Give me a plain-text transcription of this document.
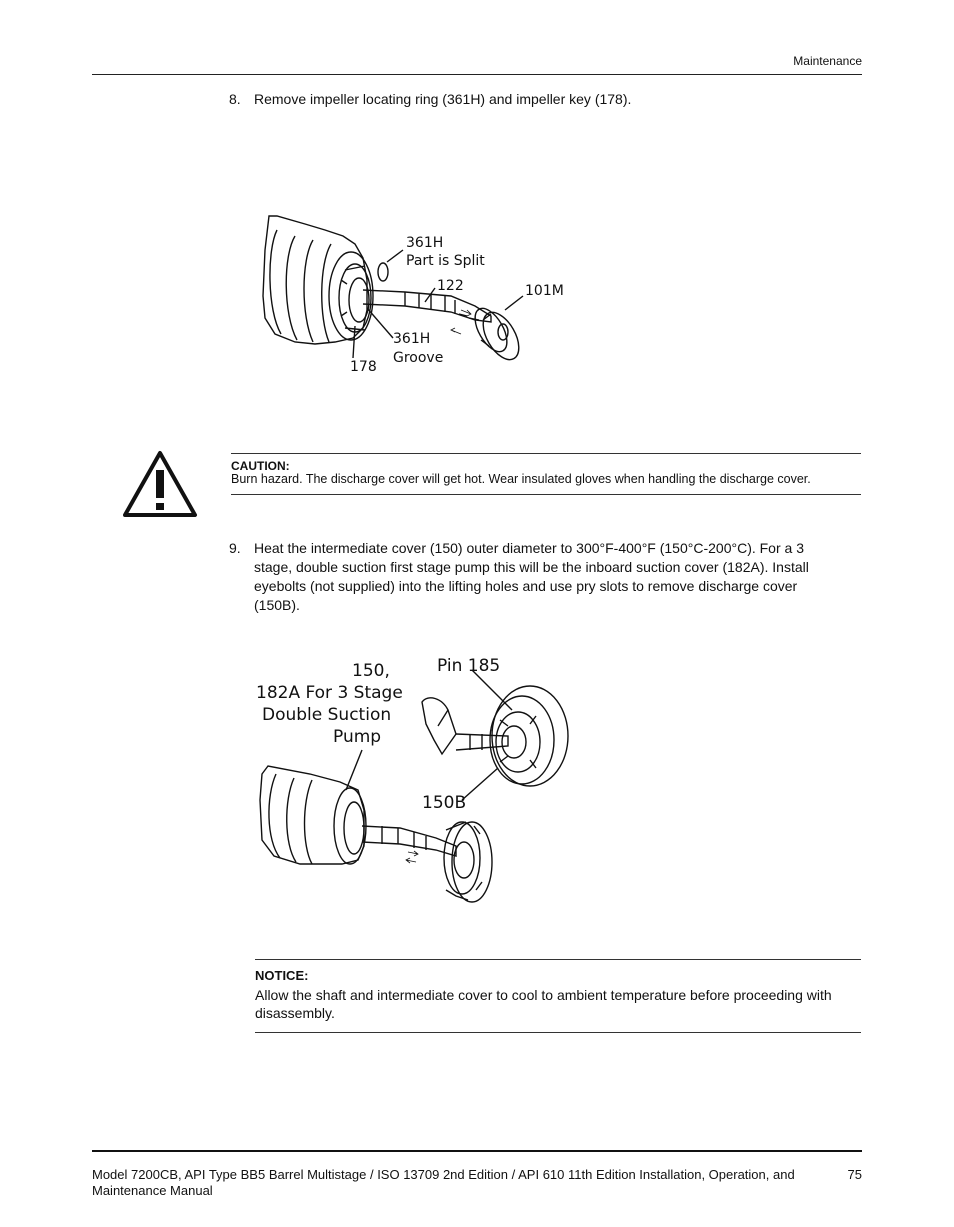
Maintenance
8. Remove impeller locating ring (361H) and impeller key (178).
361H
Part is Split
122	101M
361H
Groove
178
CAUTION:
Burn hazard. The discharge cover will get hot. Wear insulated gloves when handling the discharge cover.
9. Heat the intermediate cover (150) outer diameter to 300°F-400°F (150°C-200°C). For a 3
stage, double suction first stage pump this will be the inboard suction cover (182A). Install
eyebolts (not supplied) into the lifting holes and use pry slots to remove discharge cover
(150B).
150,
182A For 3 Stage
Double Suction
Pump
Pin 185
150B
NOTICE:
Allow the shaft and intermediate cover to cool to ambient temperature before proceeding with disassembly.
Model 7200CB, API Type BB5 Barrel Multistage / ISO 13709 2nd Edition / API 610 11th Edition Installation, Operation, and Maintenance Manual
75
